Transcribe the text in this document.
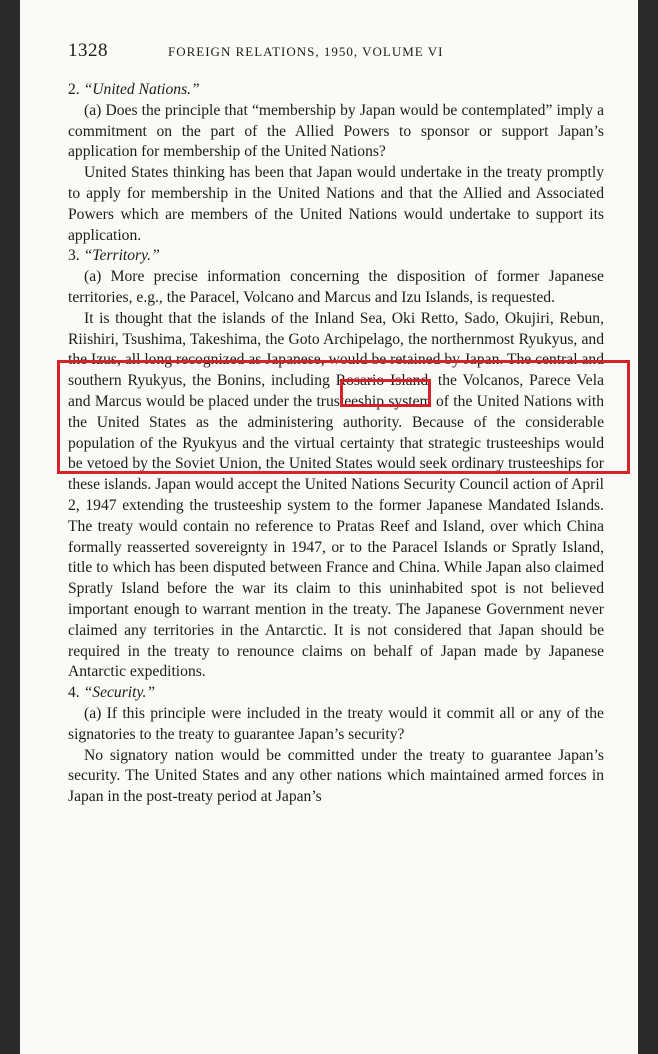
1328	FOREIGN RELATIONS, 1950, VOLUME VI

2. “United Nations.”

(a) Does the principle that “membership by Japan would be contemplated” imply a commitment on the part of the Allied Powers to sponsor or support Japan’s application for membership of the United Nations?

United States thinking has been that Japan would undertake in the treaty promptly to apply for membership in the United Nations and that the Allied and Associated Powers which are members of the United Nations would undertake to support its application.

3. “Territory.”

(a) More precise information concerning the disposition of former Japanese territories, e.g., the Paracel, Volcano and Marcus and Izu Islands, is requested.

It is thought that the islands of the Inland Sea, Oki Retto, Sado, Okujiri, Rebun, Riishiri, Tsushima, Takeshima, the Goto Archipelago, the northernmost Ryukyus, and the Izus, all long recognized as Japanese, would be retained by Japan. The central and southern Ryukyus, the Bonins, including Rosario Island, the Volcanos, Parece Vela and Marcus would be placed under the trusteeship system of the United Nations with the United States as the administering authority. Because of the considerable population of the Ryukyus and the virtual certainty that strategic trusteeships would be vetoed by the Soviet Union, the United States would seek ordinary trusteeships for these islands. Japan would accept the United Nations Security Council action of April 2, 1947 extending the trusteeship system to the former Japanese Mandated Islands. The treaty would contain no reference to Pratas Reef and Island, over which China formally reasserted sovereignty in 1947, or to the Paracel Islands or Spratly Island, title to which has been disputed between France and China. While Japan also claimed Spratly Island before the war its claim to this uninhabited spot is not believed important enough to warrant mention in the treaty. The Japanese Government never claimed any territories in the Antarctic. It is not considered that Japan should be required in the treaty to renounce claims on behalf of Japan made by Japanese Antarctic expeditions.

4. “Security.”

(a) If this principle were included in the treaty would it commit all or any of the signatories to the treaty to guarantee Japan’s security?

No signatory nation would be committed under the treaty to guarantee Japan’s security. The United States and any other nations which maintained armed forces in Japan in the post-treaty period at Japan’s
